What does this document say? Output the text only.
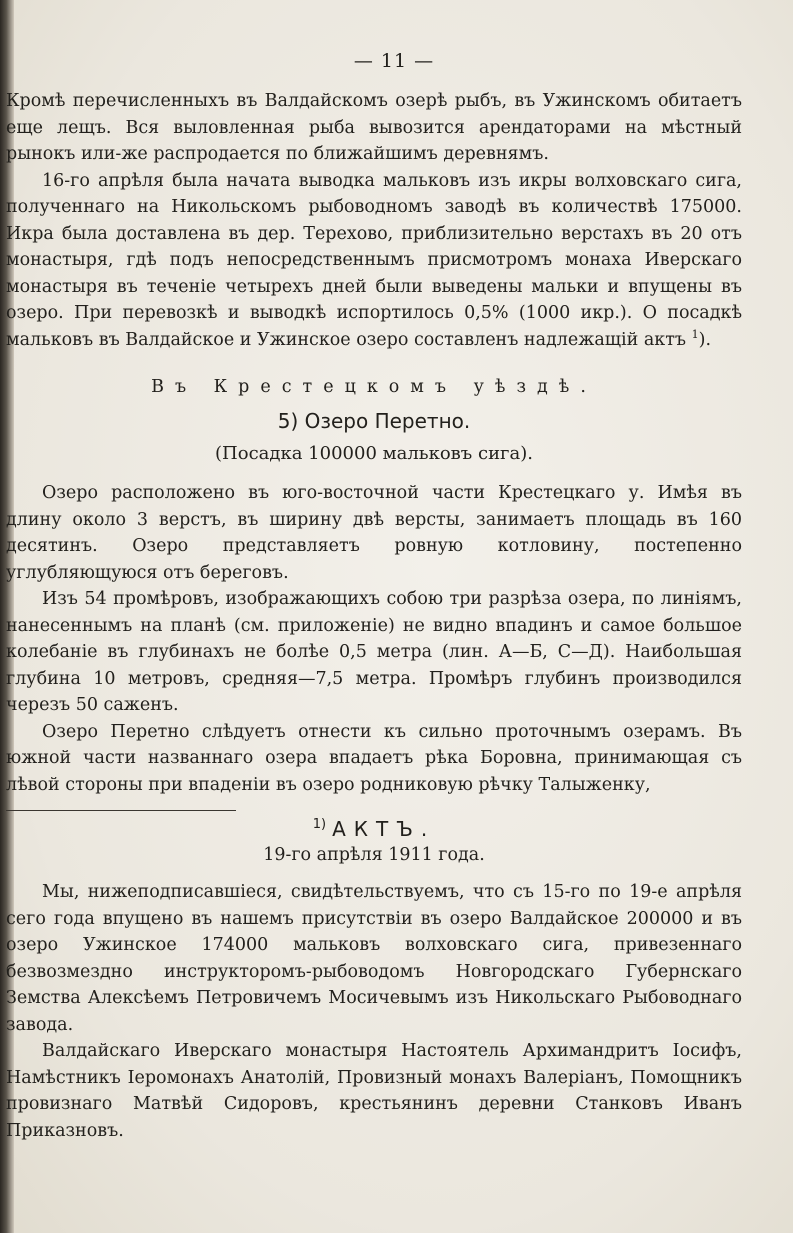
— 11 —

Кромѣ перечисленныхъ въ Валдайскомъ озерѣ рыбъ, въ Ужинскомъ обитаетъ еще лещъ. Вся выловленная рыба вывозится арендаторами на мѣстный рынокъ или-же распродается по ближайшимъ деревнямъ.

16-го апрѣля была начата выводка мальковъ изъ икры волховскаго сига, полученнаго на Никольскомъ рыбоводномъ заводѣ въ количествѣ 175000. Икра была доставлена въ дер. Терехово, приблизительно верстахъ въ 20 отъ монастыря, гдѣ подъ непосредственнымъ присмотромъ монаха Иверскаго монастыря въ теченіе четырехъ дней были выведены мальки и впущены въ озеро. При перевозкѣ и выводкѣ испортилось 0,5% (1000 икр.). О посадкѣ мальковъ въ Валдайское и Ужинское озеро составленъ надлежащій актъ $^1$).

Въ Крестецкомъ уѣздѣ.
5) Озеро Перетно.
(Посадка 100000 мальковъ сига).

Озеро расположено въ юго-восточной части Крестецкаго у. Имѣя въ длину около 3 верстъ, въ ширину двѣ версты, занимаетъ площадь въ 160 десятинъ. Озеро представляетъ ровную котловину, постепенно углубляющуюся отъ береговъ.

Изъ 54 промѣровъ, изображающихъ собою три разрѣза озера, по линіямъ, нанесеннымъ на планѣ (см. приложеніе) не видно впадинъ и самое большое колебаніе въ глубинахъ не болѣе 0,5 метра (лин. А—Б, С—Д). Наибольшая глубина 10 метровъ, средняя—7,5 метра. Промѣръ глубинъ производился черезъ 50 саженъ.

Озеро Перетно слѣдуетъ отнести къ сильно проточнымъ озерамъ. Въ южной части названнаго озера впадаетъ рѣка Боровна, принимающая съ лѣвой стороны при впаденіи въ озеро родниковую рѣчку Талыженку,

$^{1)}$ АКТЪ.
19-го апрѣля 1911 года.

Мы, нижеподписавшіеся, свидѣтельствуемъ, что съ 15-го по 19-е апрѣля сего года впущено въ нашемъ присутствіи въ озеро Валдайское 200000 и въ озеро Ужинское 174000 мальковъ волховскаго сига, привезеннаго безвозмездно инструкторомъ-рыбоводомъ Новгородскаго Губернскаго Земства Алексѣемъ Петровичемъ Мосичевымъ изъ Никольскаго Рыбоводнаго завода.

Валдайскаго Иверскаго монастыря Настоятель Архимандритъ Іосифъ, Намѣстникъ Іеромонахъ Анатолій, Провизный монахъ Валеріанъ, Помощникъ провизнаго Матвѣй Сидоровъ, крестьянинъ деревни Станковъ Иванъ Приказновъ.
